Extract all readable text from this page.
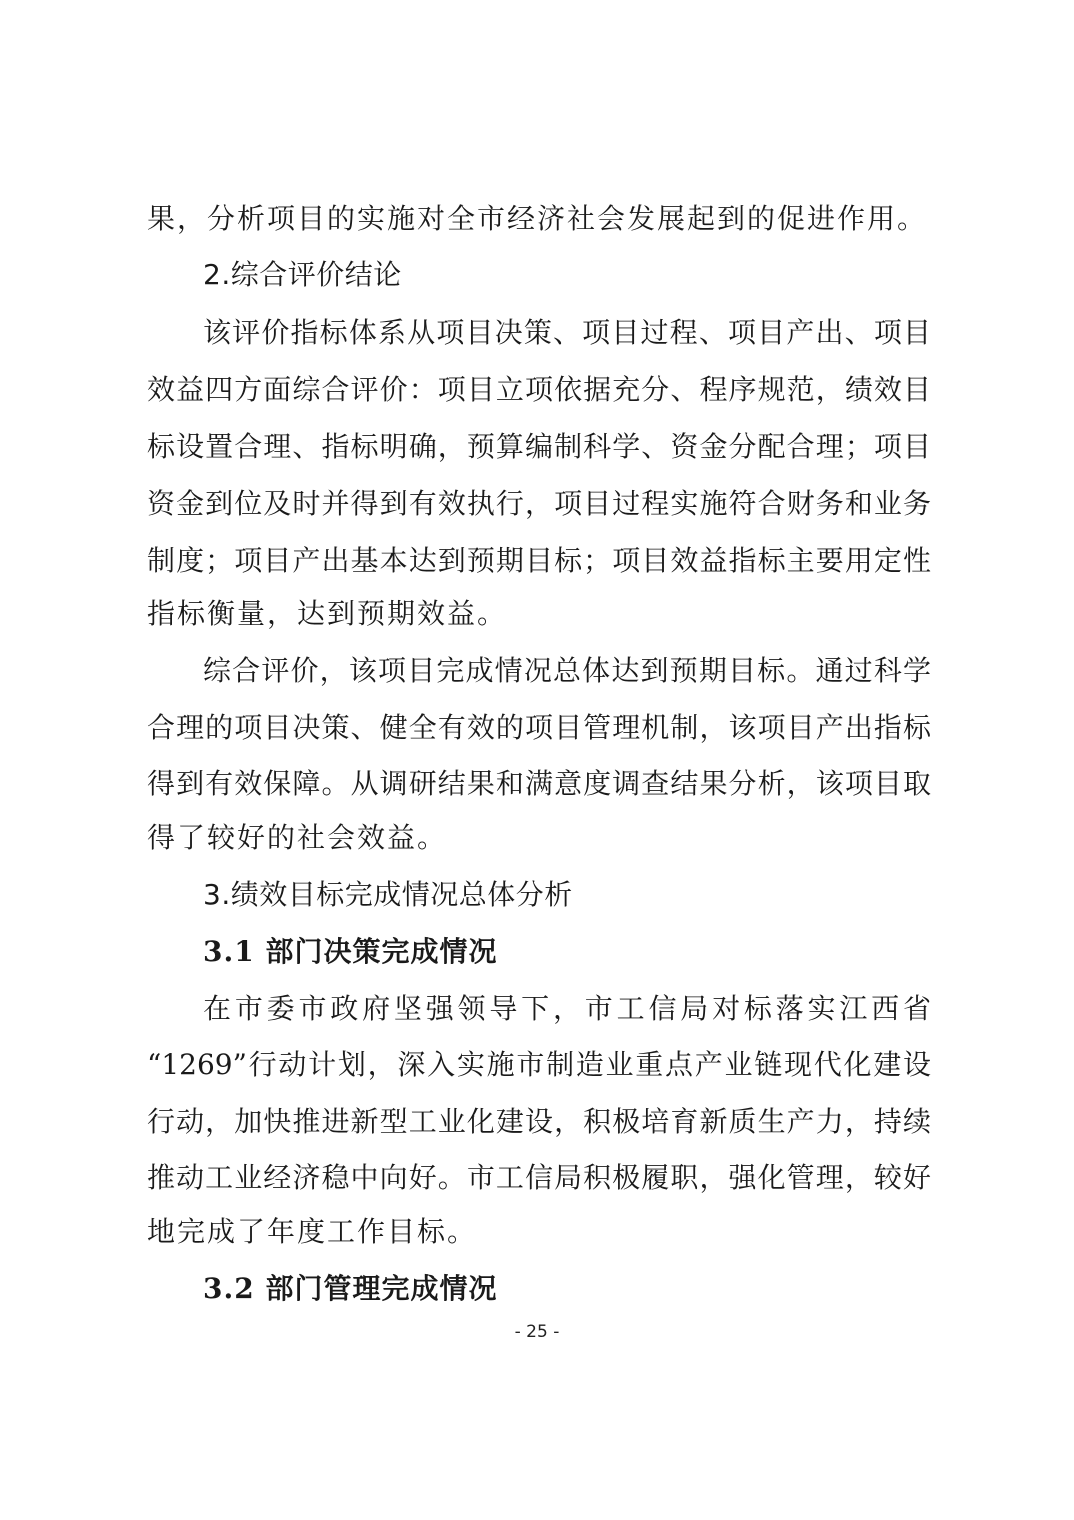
果，分析项目的实施对全市经济社会发展起到的促进作用。
2.综合评价结论
该评价指标体系从项目决策、项目过程、项目产出、项目
效益四方面综合评价：项目立项依据充分、程序规范，绩效目
标设置合理、指标明确，预算编制科学、资金分配合理；项目
资金到位及时并得到有效执行，项目过程实施符合财务和业务
制度；项目产出基本达到预期目标；项目效益指标主要用定性
指标衡量，达到预期效益。
综合评价，该项目完成情况总体达到预期目标。通过科学
合理的项目决策、健全有效的项目管理机制，该项目产出指标
得到有效保障。从调研结果和满意度调查结果分析，该项目取
得了较好的社会效益。
3.绩效目标完成情况总体分析
3.1 部门决策完成情况
在市委市政府坚强领导下，市工信局对标落实江西省
“1269”行动计划，深入实施市制造业重点产业链现代化建设
行动，加快推进新型工业化建设，积极培育新质生产力，持续
推动工业经济稳中向好。市工信局积极履职，强化管理，较好
地完成了年度工作目标。
3.2 部门管理完成情况
- 25 -
